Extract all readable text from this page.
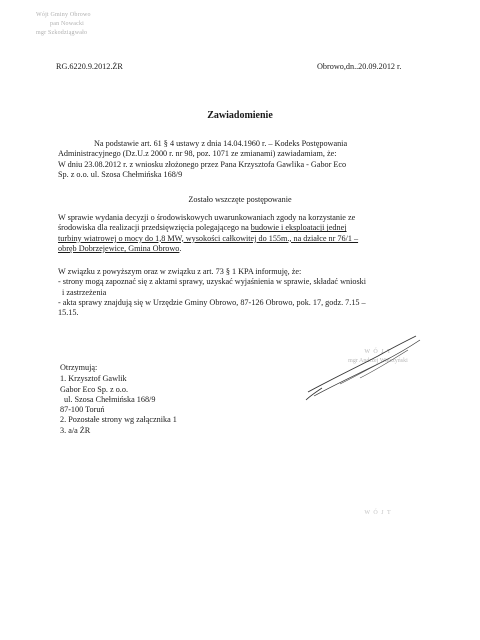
Wójt Gminy Obrowo
pan Nowacki
mgr Szkodziągwało
RG.6220.9.2012.ŻR	Obrowo,dn..20.09.2012 r.
Zawiadomienie
Na podstawie art. 61 § 4 ustawy z dnia 14.04.1960 r. – Kodeks Postępowania
Administracyjnego (Dz.U.z 2000 r. nr 98, poz. 1071 ze zmianami) zawiadamiam, że:
W dniu 23.08.2012 r. z wniosku złożonego przez Pana Krzysztofa Gawlika - Gabor Eco
Sp. z o.o. ul. Szosa Chełmińska 168/9
Zostało wszczęte postępowanie
W sprawie wydania decyzji o środowiskowych uwarunkowaniach zgody na korzystanie ze
środowiska dla realizacji przedsięwzięcia polegającego na budowie i eksploatacji jednej
turbiny wiatrowej o mocy do 1,8 MW, wysokości całkowitej do 155m., na działce nr 76/1 –
obręb Dobrzejewice, Gmina Obrowo.
W związku z powyższym oraz w związku z art. 73 § 1 KPA informuję, że:
- strony mogą zapoznać się z aktami sprawy, uzyskać wyjaśnienia w sprawie, składać wnioski
i zastrzeżenia
- akta sprawy znajdują się w Urzędzie Gminy Obrowo, 87-126 Obrowo, pok. 17, godz. 7.15 –
15.15.
W Ó J T
mgr Andrzej Wieczyński
Otrzymują:
1. Krzysztof Gawlik
Gabor Eco Sp. z o.o.
ul. Szosa Chełmińska 168/9
87-100 Toruń
2. Pozostałe strony wg załącznika 1
3. a/a ŻR
W Ó J T
